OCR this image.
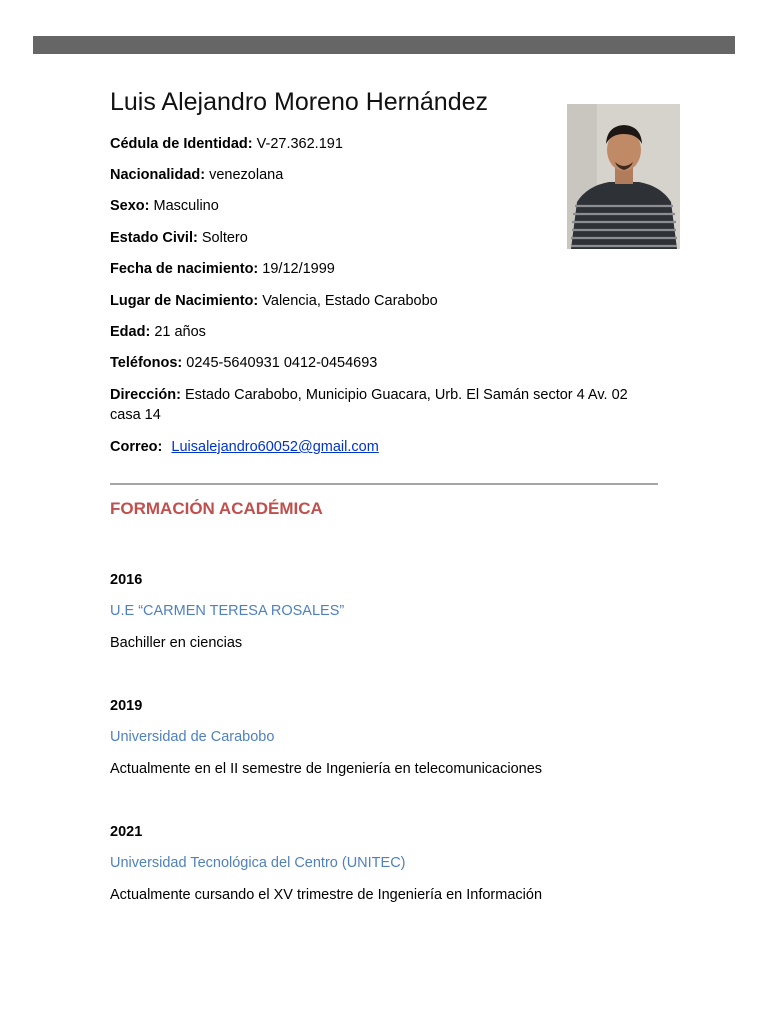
Luis Alejandro Moreno Hernández
Cédula de Identidad: V-27.362.191
Nacionalidad: venezolana
Sexo: Masculino
Estado Civil: Soltero
Fecha de nacimiento: 19/12/1999
Lugar de Nacimiento: Valencia, Estado Carabobo
Edad: 21 años
Teléfonos: 0245-5640931 0412-0454693
Dirección: Estado Carabobo, Municipio Guacara, Urb. El Samán sector 4 Av. 02 casa 14
Correo: Luisalejandro60052@gmail.com
FORMACIÓN ACADÉMICA
2016
U.E “CARMEN TERESA ROSALES”
Bachiller en ciencias
2019
Universidad de Carabobo
Actualmente en el II semestre de Ingeniería en telecomunicaciones
2021
Universidad Tecnológica del Centro (UNITEC)
Actualmente cursando el XV trimestre de Ingeniería en Información
